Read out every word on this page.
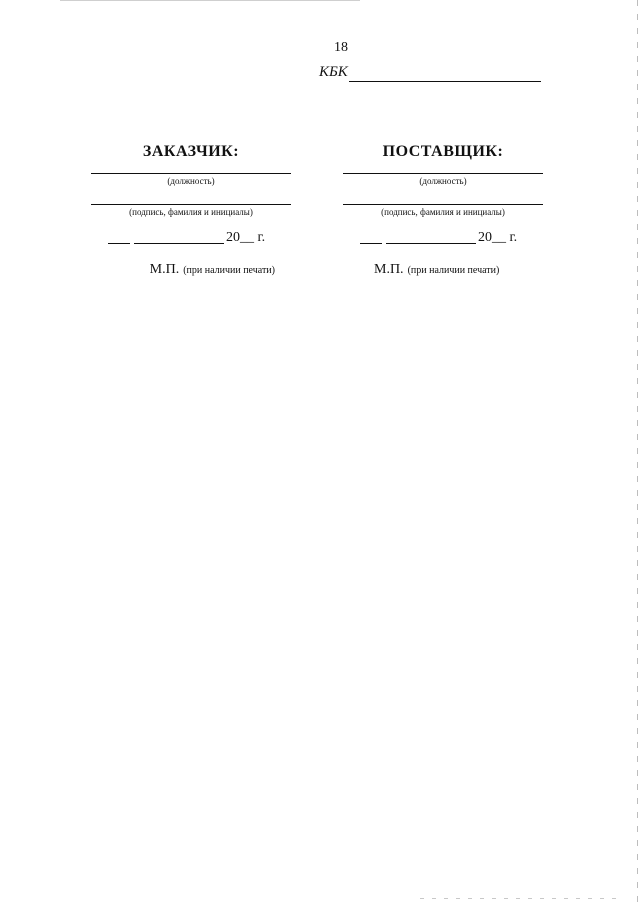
18
КБК
ЗАКАЗЧИК:
(должность)
(подпись, фамилия и инициалы)
20__ г.
М.П. (при наличии печати)
ПОСТАВЩИК:
(должность)
(подпись, фамилия и инициалы)
20__ г.
М.П. (при наличии печати)
